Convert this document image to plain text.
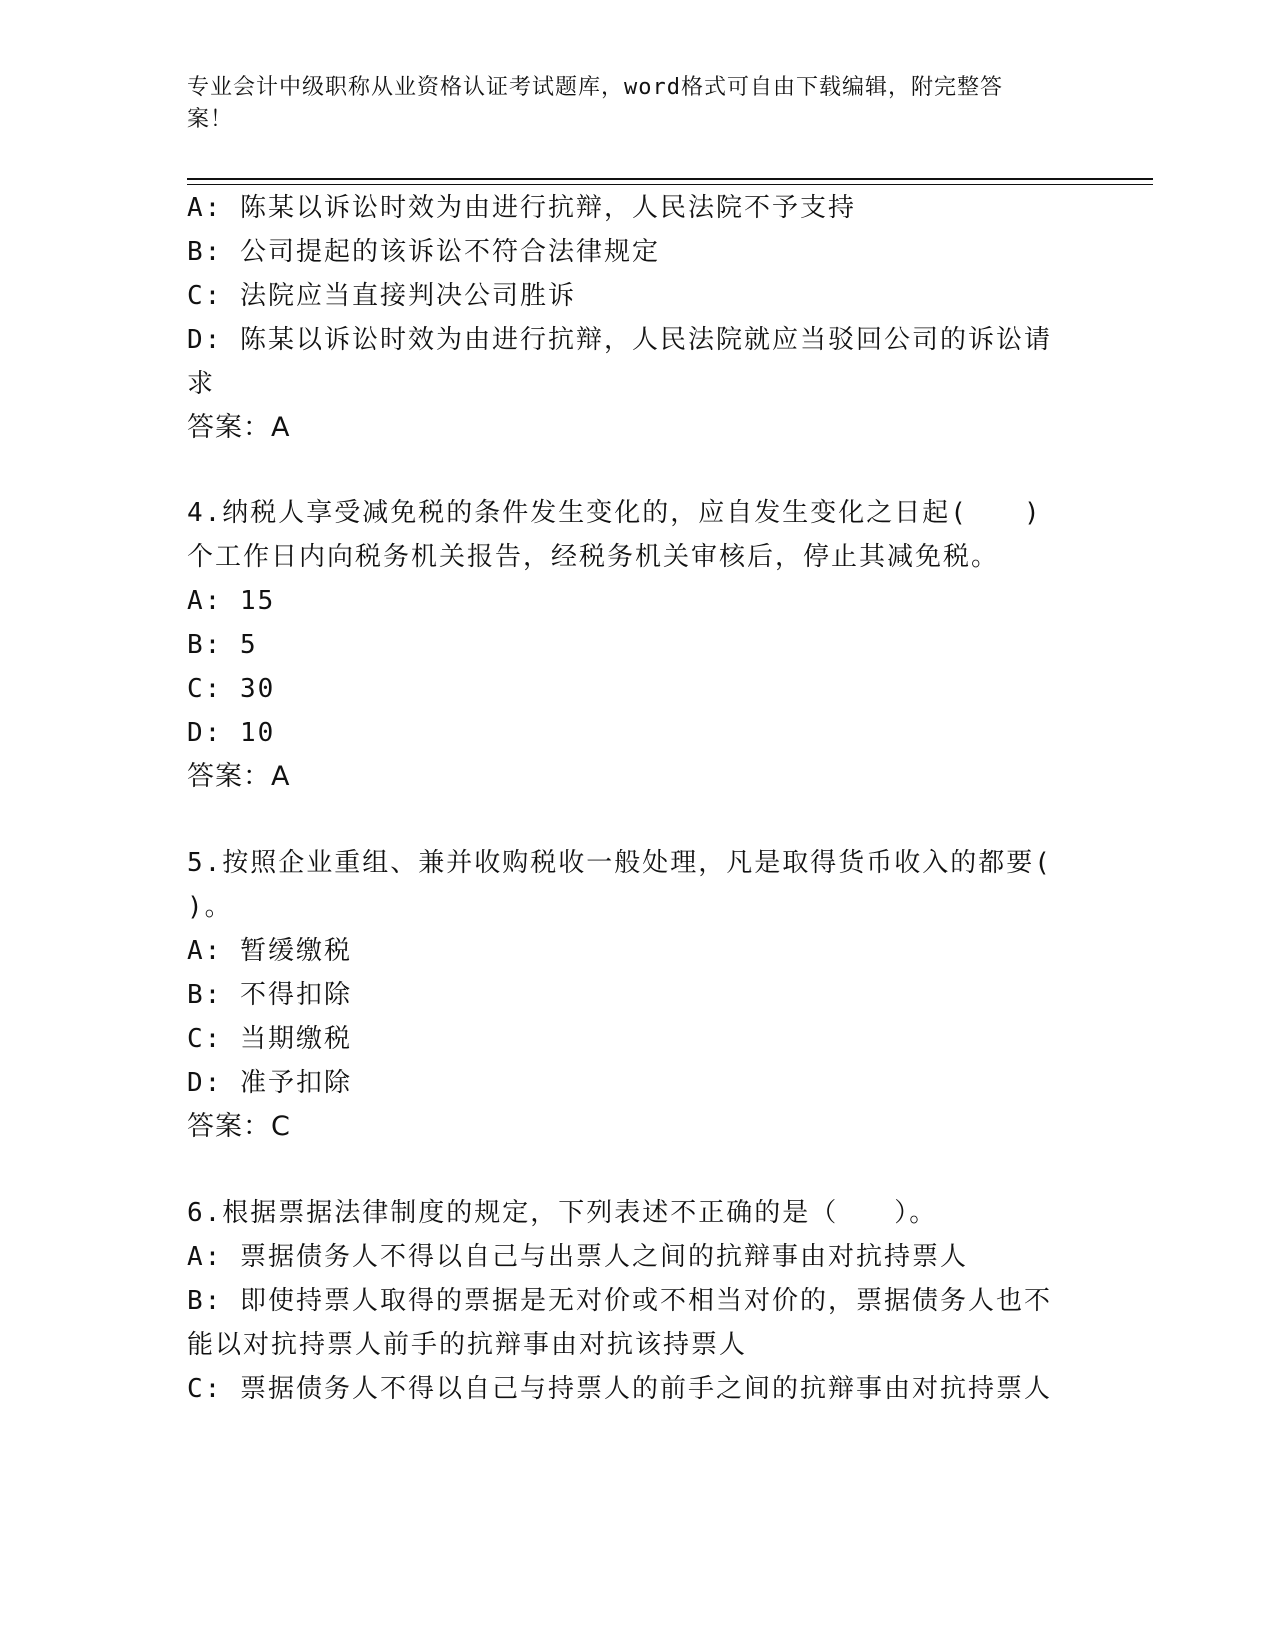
专业会计中级职称从业资格认证考试题库，word格式可自由下载编辑，附完整答
案！
A: 陈某以诉讼时效为由进行抗辩，人民法院不予支持
B: 公司提起的该诉讼不符合法律规定
C: 法院应当直接判决公司胜诉
D: 陈某以诉讼时效为由进行抗辩，人民法院就应当驳回公司的诉讼请
求
答案：A
4.纳税人享受减免税的条件发生变化的，应自发生变化之日起(　　)
个工作日内向税务机关报告，经税务机关审核后，停止其减免税。
A: 15
B: 5
C: 30
D: 10
答案：A
5.按照企业重组、兼并收购税收一般处理，凡是取得货币收入的都要(
)。
A: 暂缓缴税
B: 不得扣除
C: 当期缴税
D: 准予扣除
答案：C
6.根据票据法律制度的规定，下列表述不正确的是（　　）。
A: 票据债务人不得以自己与出票人之间的抗辩事由对抗持票人
B: 即使持票人取得的票据是无对价或不相当对价的，票据债务人也不
能以对抗持票人前手的抗辩事由对抗该持票人
C: 票据债务人不得以自己与持票人的前手之间的抗辩事由对抗持票人
